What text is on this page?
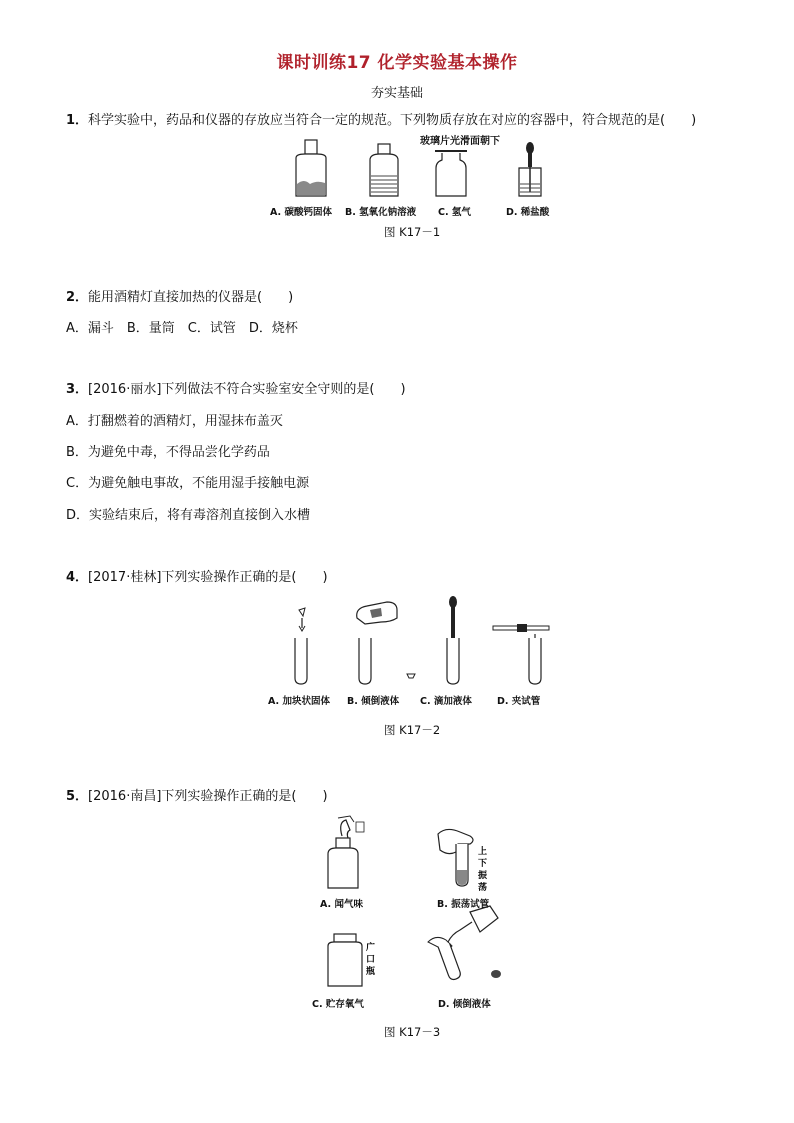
课时训练17 化学实验基本操作
夯实基础
1．科学实验中，药品和仪器的存放应当符合一定的规范。下列物质存放在对应的容器中，符合规范的是(　　)
玻璃片光滑面朝下
A. 碳酸钙固体 B. 氢氧化钠溶液 C. 氢气	D. 稀盐酸
图 K17－1
2．能用酒精灯直接加热的仪器是(　　)
A．漏斗　B．量筒　C．试管　D．烧杯
3．[2016·丽水]下列做法不符合实验室安全守则的是(　　)
A．打翻燃着的酒精灯，用湿抹布盖灭
B．为避免中毒，不得品尝化学药品
C．为避免触电事故，不能用湿手接触电源
D．实验结束后，将有毒溶剂直接倒入水槽
4．[2017·桂林]下列实验操作正确的是(　　)
A. 加块状固体 B. 倾倒液体 C. 滴加液体	D. 夹试管
图 K17－2
5．[2016·南昌]下列实验操作正确的是(　　)
上
下
振
荡
广
口
瓶
A. 闻气味	B. 振荡试管
C. 贮存氧气	D. 倾倒液体
图 K17－3
